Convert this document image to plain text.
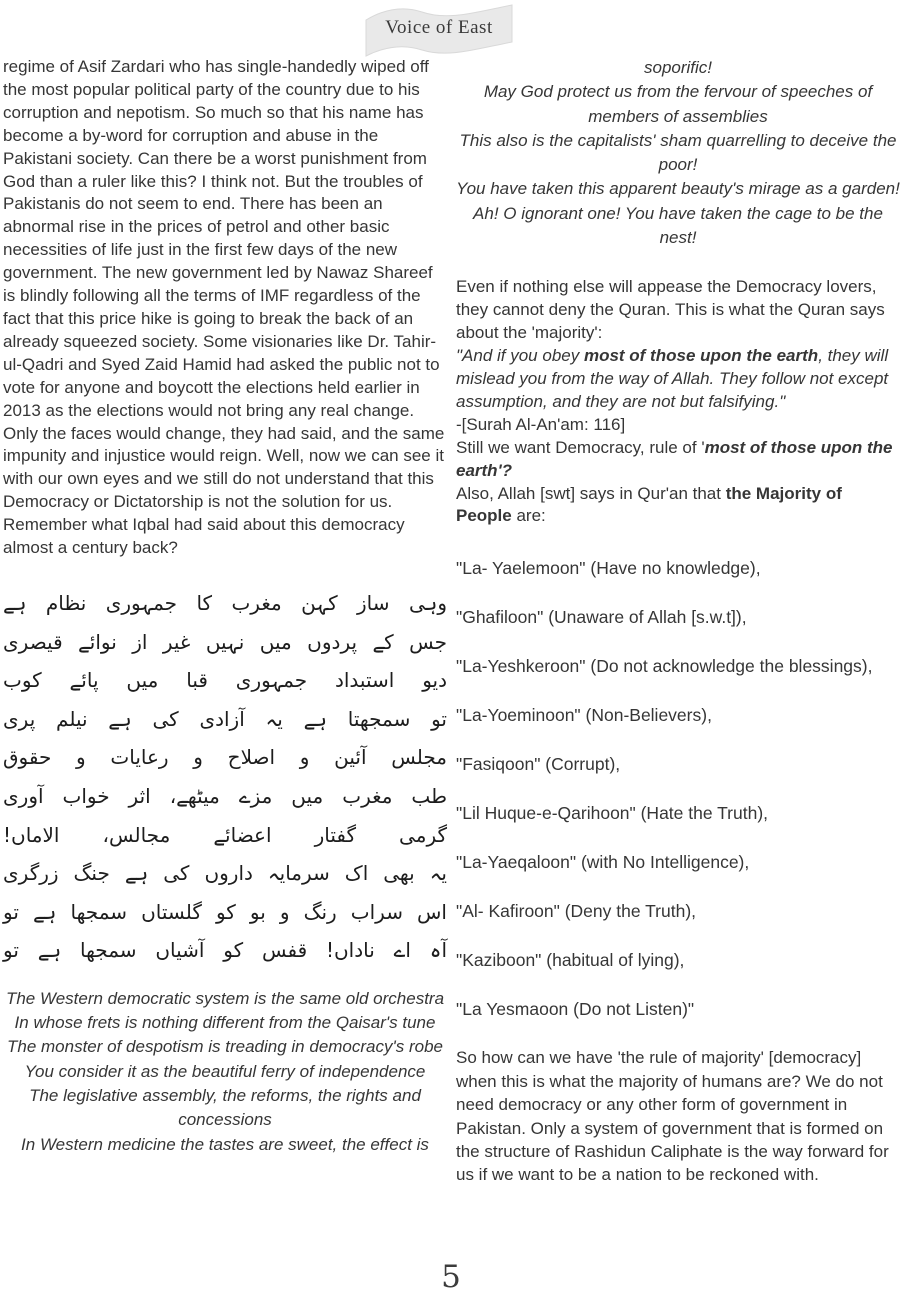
Voice of East
regime of Asif Zardari who has single-handedly wiped off the most popular political party of the country due to his corruption and nepotism. So much so that his name has become a by-word for corruption and abuse in the Pakistani society. Can there be a worst punishment from God than a ruler like this? I think not. But the troubles of Pakistanis do not seem to end. There has been an abnormal rise in the prices of petrol and other basic necessities of life just in the first few days of the new government. The new government led by Nawaz Shareef is blindly following all the terms of IMF regardless of the fact that this price hike is going to break the back of an already squeezed society. Some visionaries like Dr. Tahir-ul-Qadri and Syed Zaid Hamid had asked the public not to vote for anyone and boycott the elections held earlier in 2013 as the elections would not bring any real change. Only the faces would change, they had said, and the same impunity and injustice would reign. Well, now we can see it with our own eyes and we still do not understand that this Democracy or Dictatorship is not the solution for us. Remember what Iqbal had said about this democracy almost a century back?
وہی ساز کہن مغرب کا جمہوری نظام ہے
جس کے پردوں میں نہیں غیر از نوائے قیصری
دیو استبداد جمہوری قبا میں پائے کوب
تو سمجھتا ہے یہ آزادی کی ہے نیلم پری
مجلس آئین و اصلاح و رعایات و حقوق
طب مغرب میں مزے میٹھے، اثر خواب آوری
گرمی گفتار اعضائے مجالس، الاماں!
یہ بھی اک سرمایہ داروں کی ہے جنگ زرگری
اس سراب رنگ و بو کو گلستاں سمجھا ہے تو
آہ اے ناداں! قفس کو آشیاں سمجھا ہے تو
The Western democratic system is the same old orchestra
In whose frets is nothing different from the Qaisar's tune
The monster of despotism is treading in democracy's robe
You consider it as the beautiful ferry of independence
The legislative assembly, the reforms, the rights and concessions
In Western medicine the tastes are sweet, the effect is
soporific!
May God protect us from the fervour of speeches of members of assemblies
This also is the capitalists' sham quarrelling to deceive the poor!
You have taken this apparent beauty's mirage as a garden!
Ah! O ignorant one! You have taken the cage to be the nest!
Even if nothing else will appease the Democracy lovers, they cannot deny the Quran. This is what the Quran says about the 'majority':
"And if you obey most of those upon the earth, they will mislead you from the way of Allah. They follow not except assumption, and they are not but falsifying."
-[Surah Al-An'am: 116]
Still we want Democracy, rule of 'most of those upon the earth'?
Also, Allah [swt] says in Qur'an that the Majority of People are:
"La- Yaelemoon" (Have no knowledge),
"Ghafiloon" (Unaware of Allah [s.w.t]),
"La-Yeshkeroon" (Do not acknowledge the blessings),
"La-Yoeminoon" (Non-Believers),
"Fasiqoon" (Corrupt),
"Lil Huque-e-Qarihoon" (Hate the Truth),
"La-Yaeqaloon" (with No Intelligence),
"Al- Kafiroon" (Deny the Truth),
"Kaziboon" (habitual of lying),
"La Yesmaoon (Do not Listen)"
So how can we have 'the rule of majority' [democracy] when this is what the majority of humans are? We do not need democracy or any other form of government in Pakistan. Only a system of government that is formed on the structure of Rashidun Caliphate is the way forward for us if we want to be a nation to be reckoned with.
5
